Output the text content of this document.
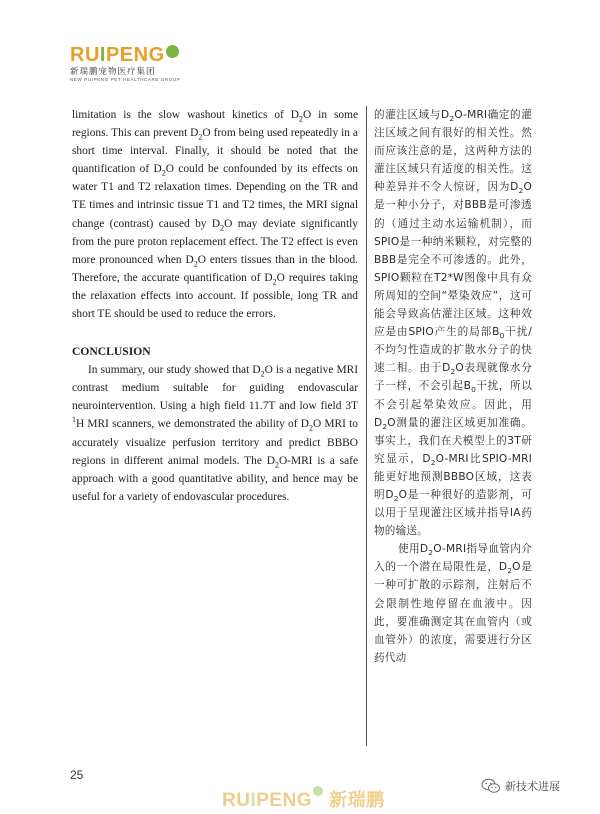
RUIPENG
新瑞鹏宠物医疗集团
NEW RUIPENG PET HEALTHCARE GROUP

limitation is the slow washout kinetics of $D_2O$ in some regions. This can prevent $D_2O$ from being used repeatedly in a short time interval. Finally, it should be noted that the quantification of $D_2O$ could be confounded by its effects on water T1 and T2 relaxation times. Depending on the TR and TE times and intrinsic tissue T1 and T2 times, the MRI signal change (contrast) caused by $D_2O$ may deviate significantly from the pure proton replacement effect. The T2 effect is even more pronounced when $D_2O$ enters tissues than in the blood. Therefore, the accurate quantification of $D_2O$ requires taking the relaxation effects into account. If possible, long TR and short TE should be used to reduce the errors.

CONCLUSION

In summary, our study showed that $D_2O$ is a negative MRI contrast medium suitable for guiding endovascular neurointervention. Using a high field 11.7T and low field 3T $^1$H MRI scanners, we demonstrated the ability of $D_2O$ MRI to accurately visualize perfusion territory and predict BBBO regions in different animal models. The $D_2O$-MRI is a safe approach with a good quantitative ability, and hence may be useful for a variety of endovascular procedures.

的灌注区域与$D_2O$-MRI确定的灌注区域之间有很好的相关性。然而应该注意的是，这两种方法的灌注区域只有适度的相关性。这种差异并不令人惊讶，因为$D_2O$是一种小分子，对BBB是可渗透的（通过主动水运输机制），而SPIO是一种纳米颗粒，对完整的BBB是完全不可渗透的。此外，SPIO颗粒在T2*W图像中具有众所周知的空间“晕染效应”，这可能会导致高估灌注区域。这种效应是由SPIO产生的局部$B_0$干扰/不均匀性造成的扩散水分子的快速二相。由于$D_2O$表现就像水分子一样，不会引起$B_0$干扰，所以不会引起晕染效应。因此，用$D_2O$测量的灌注区域更加准确。事实上，我们在犬模型上的3T研究显示，$D_2O$-MRI比SPIO-MRI能更好地预测BBBO区域，这表明$D_2O$是一种很好的造影剂，可以用于呈现灌注区域并指导IA药物的输送。

使用$D_2O$-MRI指导血管内介入的一个潜在局限性是，$D_2O$是一种可扩散的示踪剂，注射后不会限制性地停留在血液中。因此，要准确测定其在血管内（或血管外）的浓度，需要进行分区药代动

25
RUIPENG 新瑞鹏
新技术进展
